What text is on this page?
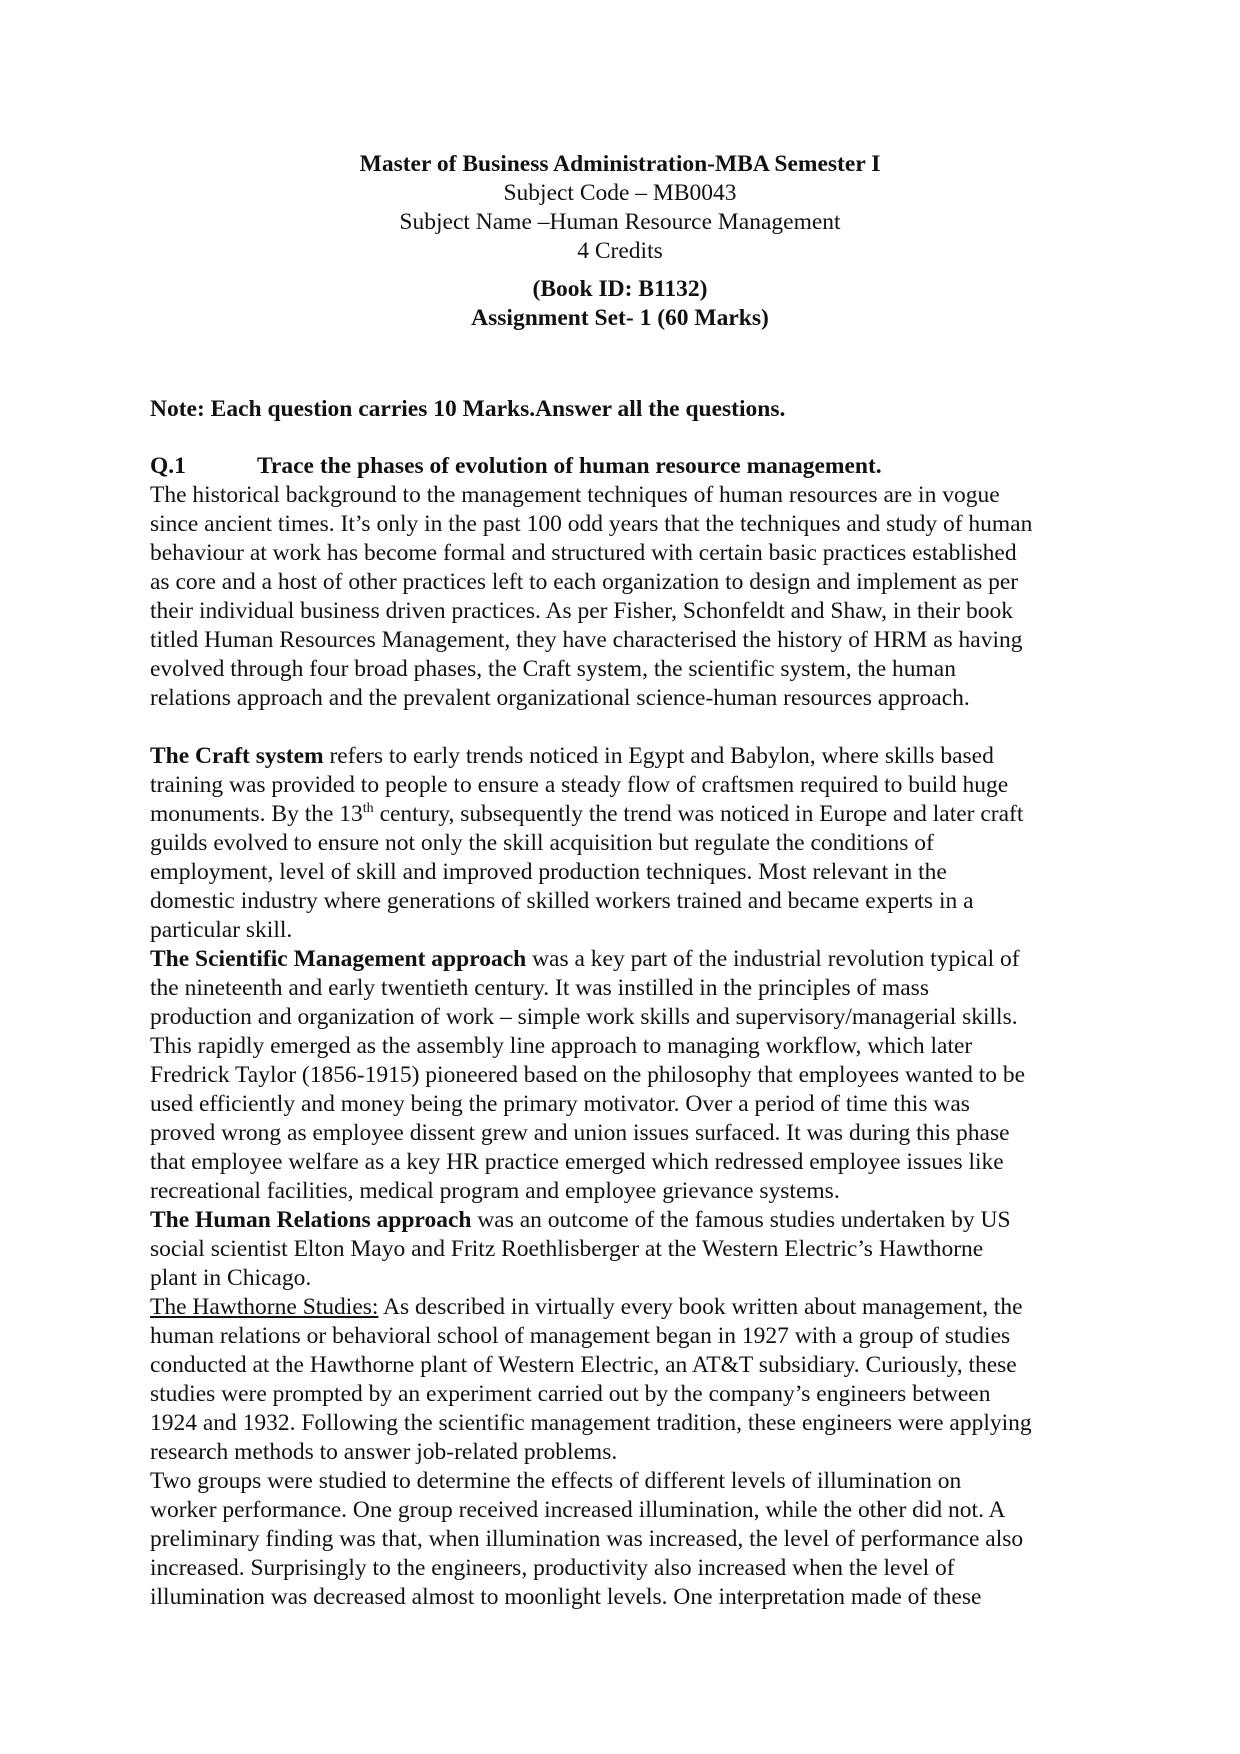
Master of Business Administration-MBA Semester I
Subject Code – MB0043
Subject Name –Human Resource Management
4 Credits
(Book ID: B1132)
Assignment Set- 1 (60 Marks)
Note: Each question carries 10 Marks.Answer all the questions.
Q.1	Trace the phases of evolution of human resource management.
The historical background to the management techniques of human resources are in vogue
since ancient times. It’s only in the past 100 odd years that the techniques and study of human
behaviour at work has become formal and structured with certain basic practices established
as core and a host of other practices left to each organization to design and implement as per
their individual business driven practices. As per Fisher, Schonfeldt and Shaw, in their book
titled Human Resources Management, they have characterised the history of HRM as having
evolved through four broad phases, the Craft system, the scientific system, the human
relations approach and the prevalent organizational science-human resources approach.
The Craft system refers to early trends noticed in Egypt and Babylon, where skills based
training was provided to people to ensure a steady flow of craftsmen required to build huge
monuments. By the 13th century, subsequently the trend was noticed in Europe and later craft
guilds evolved to ensure not only the skill acquisition but regulate the conditions of
employment, level of skill and improved production techniques. Most relevant in the
domestic industry where generations of skilled workers trained and became experts in a
particular skill.
The Scientific Management approach was a key part of the industrial revolution typical of
the nineteenth and early twentieth century. It was instilled in the principles of mass
production and organization of work – simple work skills and supervisory/managerial skills.
This rapidly emerged as the assembly line approach to managing workflow, which later
Fredrick Taylor (1856-1915) pioneered based on the philosophy that employees wanted to be
used efficiently and money being the primary motivator. Over a period of time this was
proved wrong as employee dissent grew and union issues surfaced. It was during this phase
that employee welfare as a key HR practice emerged which redressed employee issues like
recreational facilities, medical program and employee grievance systems.
The Human Relations approach was an outcome of the famous studies undertaken by US
social scientist Elton Mayo and Fritz Roethlisberger at the Western Electric’s Hawthorne
plant in Chicago.
The Hawthorne Studies: As described in virtually every book written about management, the
human relations or behavioral school of management began in 1927 with a group of studies
conducted at the Hawthorne plant of Western Electric, an AT&T subsidiary. Curiously, these
studies were prompted by an experiment carried out by the company’s engineers between
1924 and 1932. Following the scientific management tradition, these engineers were applying
research methods to answer job-related problems.
Two groups were studied to determine the effects of different levels of illumination on
worker performance. One group received increased illumination, while the other did not. A
preliminary finding was that, when illumination was increased, the level of performance also
increased. Surprisingly to the engineers, productivity also increased when the level of
illumination was decreased almost to moonlight levels. One interpretation made of these
